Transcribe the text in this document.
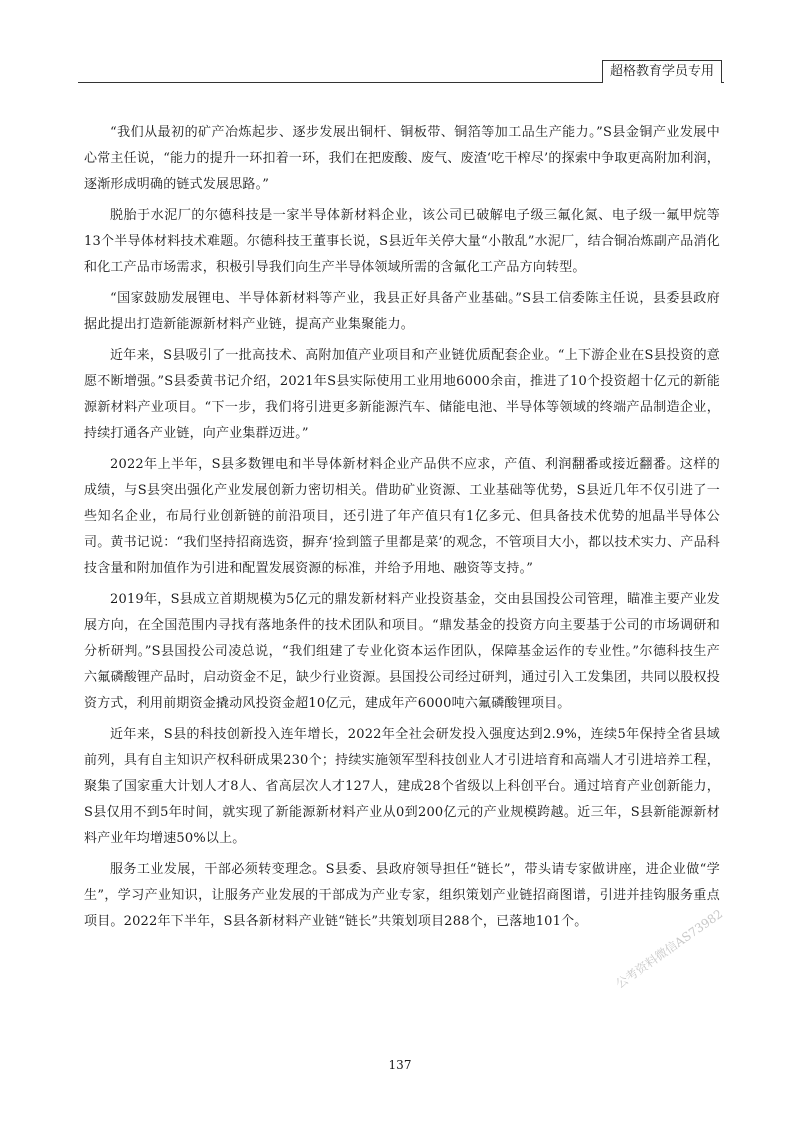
超格教育学员专用

“我们从最初的矿产冶炼起步、逐步发展出铜杆、铜板带、铜箔等加工品生产能力。”S县金铜产业发展中心常主任说，“能力的提升一环扣着一环，我们在把废酸、废气、废渣‘吃干榨尽’的探索中争取更高附加利润，逐渐形成明确的链式发展思路。”

脱胎于水泥厂的尔德科技是一家半导体新材料企业，该公司已破解电子级三氟化氮、电子级一氟甲烷等13个半导体材料技术难题。尔德科技王董事长说，S县近年关停大量“小散乱”水泥厂，结合铜冶炼副产品消化和化工产品市场需求，积极引导我们向生产半导体领域所需的含氟化工产品方向转型。

“国家鼓励发展锂电、半导体新材料等产业，我县正好具备产业基础。”S县工信委陈主任说，县委县政府据此提出打造新能源新材料产业链，提高产业集聚能力。

近年来，S县吸引了一批高技术、高附加值产业项目和产业链优质配套企业。“上下游企业在S县投资的意愿不断增强。”S县委黄书记介绍，2021年S县实际使用工业用地6000余亩，推进了10个投资超十亿元的新能源新材料产业项目。“下一步，我们将引进更多新能源汽车、储能电池、半导体等领域的终端产品制造企业，持续打通各产业链，向产业集群迈进。”

2022年上半年，S县多数锂电和半导体新材料企业产品供不应求，产值、利润翻番或接近翻番。这样的成绩，与S县突出强化产业发展创新力密切相关。借助矿业资源、工业基础等优势，S县近几年不仅引进了一些知名企业，布局行业创新链的前沿项目，还引进了年产值只有1亿多元、但具备技术优势的旭晶半导体公司。黄书记说：“我们坚持招商选资，摒弃‘捡到篮子里都是菜’的观念，不管项目大小，都以技术实力、产品科技含量和附加值作为引进和配置发展资源的标准，并给予用地、融资等支持。”

2019年，S县成立首期规模为5亿元的鼎发新材料产业投资基金，交由县国投公司管理，瞄准主要产业发展方向，在全国范围内寻找有落地条件的技术团队和项目。“鼎发基金的投资方向主要基于公司的市场调研和分析研判。”S县国投公司凌总说，“我们组建了专业化资本运作团队，保障基金运作的专业性。”尔德科技生产六氟磷酸锂产品时，启动资金不足，缺少行业资源。县国投公司经过研判，通过引入工发集团，共同以股权投资方式，利用前期资金撬动风投资金超10亿元，建成年产6000吨六氟磷酸锂项目。

近年来，S县的科技创新投入连年增长，2022年全社会研发投入强度达到2.9%，连续5年保持全省县域前列，具有自主知识产权科研成果230个；持续实施领军型科技创业人才引进培育和高端人才引进培养工程，聚集了国家重大计划人才8人、省高层次人才127人，建成28个省级以上科创平台。通过培育产业创新能力，S县仅用不到5年时间，就实现了新能源新材料产业从0到200亿元的产业规模跨越。近三年，S县新能源新材料产业年均增速50%以上。

服务工业发展，干部必须转变理念。S县委、县政府领导担任“链长”，带头请专家做讲座，进企业做“学生”，学习产业知识，让服务产业发展的干部成为产业专家，组织策划产业链招商图谱，引进并挂钩服务重点项目。2022年下半年，S县各新材料产业链“链长”共策划项目288个，已落地101个。	公考资料微信AS73982
137
